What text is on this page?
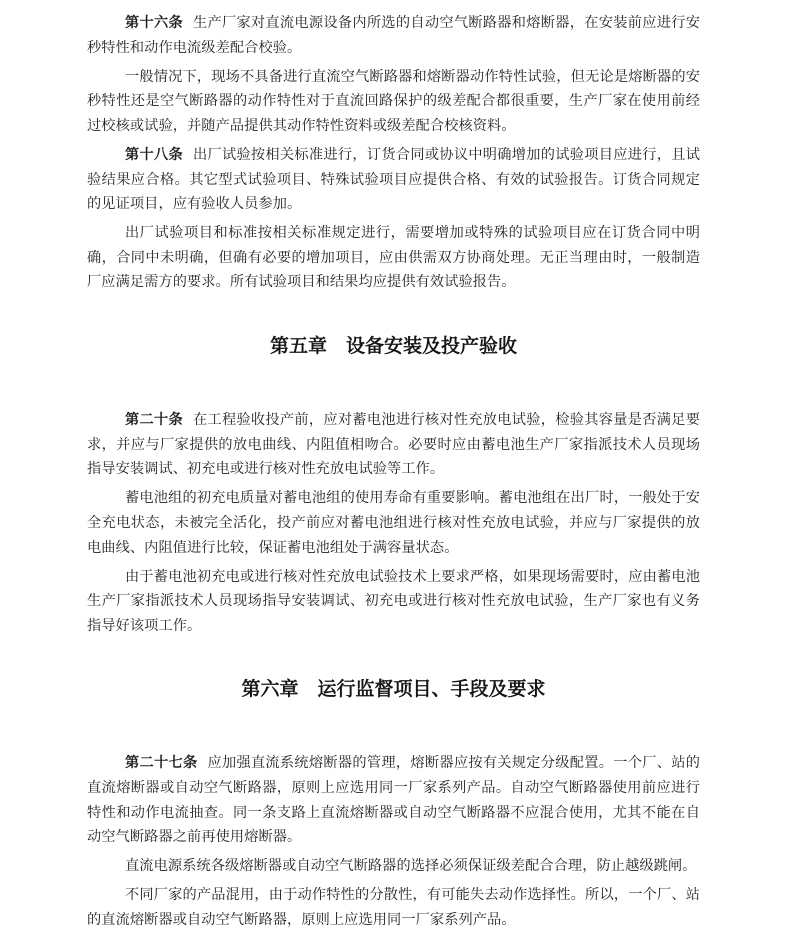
第十六条 生产厂家对直流电源设备内所选的自动空气断路器和熔断器，在安装前应进行安秒特性和动作电流级差配合校验。

一般情况下，现场不具备进行直流空气断路器和熔断器动作特性试验，但无论是熔断器的安秒特性还是空气断路器的动作特性对于直流回路保护的级差配合都很重要，生产厂家在使用前经过校核或试验，并随产品提供其动作特性资料或级差配合校核资料。

第十八条 出厂试验按相关标准进行，订货合同或协议中明确增加的试验项目应进行，且试验结果应合格。其它型式试验项目、特殊试验项目应提供合格、有效的试验报告。订货合同规定的见证项目，应有验收人员参加。

出厂试验项目和标准按相关标准规定进行，需要增加或特殊的试验项目应在订货合同中明确，合同中未明确，但确有必要的增加项目，应由供需双方协商处理。无正当理由时，一般制造厂应满足需方的要求。所有试验项目和结果均应提供有效试验报告。

第五章　设备安装及投产验收

第二十条 在工程验收投产前，应对蓄电池进行核对性充放电试验，检验其容量是否满足要求，并应与厂家提供的放电曲线、内阻值相吻合。必要时应由蓄电池生产厂家指派技术人员现场指导安装调试、初充电或进行核对性充放电试验等工作。

蓄电池组的初充电质量对蓄电池组的使用寿命有重要影响。蓄电池组在出厂时，一般处于安全充电状态，未被完全活化，投产前应对蓄电池组进行核对性充放电试验，并应与厂家提供的放电曲线、内阻值进行比较，保证蓄电池组处于满容量状态。

由于蓄电池初充电或进行核对性充放电试验技术上要求严格，如果现场需要时，应由蓄电池生产厂家指派技术人员现场指导安装调试、初充电或进行核对性充放电试验，生产厂家也有义务指导好该项工作。

第六章　运行监督项目、手段及要求

第二十七条 应加强直流系统熔断器的管理，熔断器应按有关规定分级配置。一个厂、站的直流熔断器或自动空气断路器，原则上应选用同一厂家系列产品。自动空气断路器使用前应进行特性和动作电流抽查。同一条支路上直流熔断器或自动空气断路器不应混合使用，尤其不能在自动空气断路器之前再使用熔断器。

直流电源系统各级熔断器或自动空气断路器的选择必须保证级差配合合理，防止越级跳闸。

不同厂家的产品混用，由于动作特性的分散性，有可能失去动作选择性。所以，一个厂、站的直流熔断器或自动空气断路器，原则上应选用同一厂家系列产品。
